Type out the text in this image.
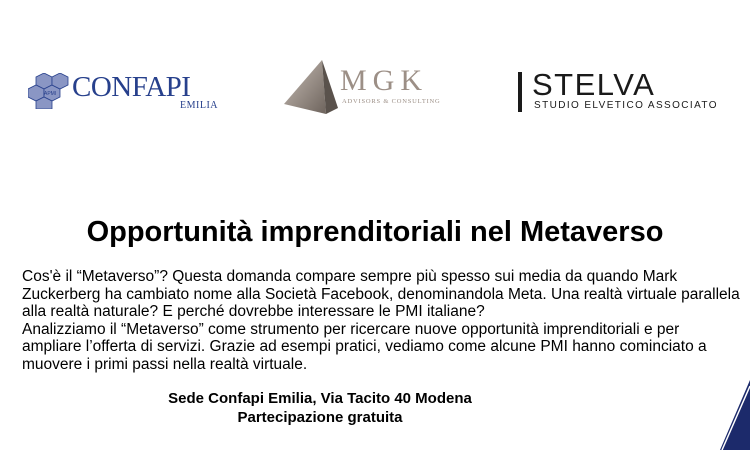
APMI CONFAPI
EMILIA
MGK
ADVISORS & CONSULTING	STELVA
STUDIO ELVETICO ASSOCIATO
Opportunità imprenditoriali nel Metaverso

Cos'è il “Metaverso”? Questa domanda compare sempre più spesso sui media da quando Mark Zuckerberg ha cambiato nome alla Società Facebook, denominandola Meta. Una realtà virtuale parallela alla realtà naturale? E perché dovrebbe interessare le PMI italiane?

Analizziamo il “Metaverso” come strumento per ricercare nuove opportunità imprenditoriali e per ampliare l’offerta di servizi. Grazie ad esempi pratici, vediamo come alcune PMI hanno cominciato a muovere i primi passi nella realtà virtuale.

Sede Confapi Emilia, Via Tacito 40 Modena
Partecipazione gratuita
